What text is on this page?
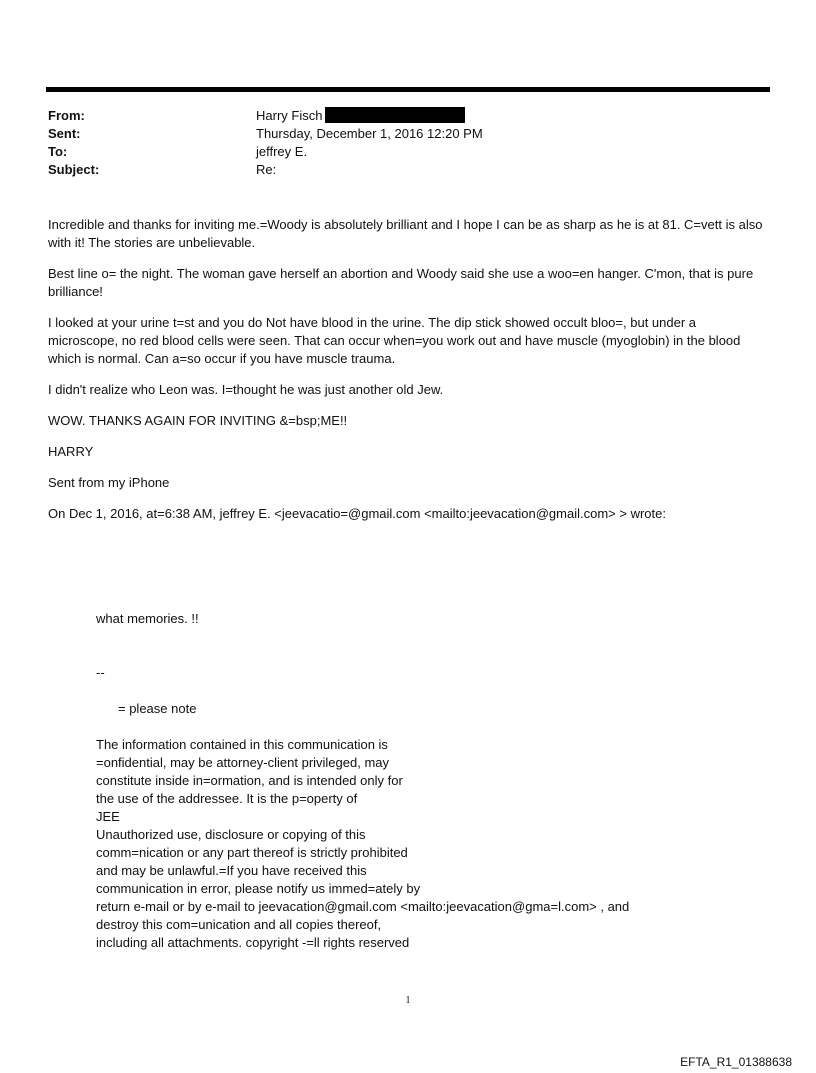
From:	Harry Fisch
Sent:	Thursday, December 1, 2016 12:20 PM
To:	jeffrey E.
Subject:	Re:

Incredible and thanks for inviting me.=Woody is absolutely brilliant and I hope I can be as sharp as he is at 81. C=vett is also with it! The stories are unbelievable.

Best line o= the night. The woman gave herself an abortion and Woody said she use a woo=en hanger. C'mon, that is pure brilliance!

I looked at your urine t=st and you do Not have blood in the urine. The dip stick showed occult bloo=, but under a microscope, no red blood cells were seen. That can occur when=you work out and have muscle (myoglobin) in the blood which is normal. Can a=so occur if you have muscle trauma.

I didn't realize who Leon was. I=thought he was just another old Jew.

WOW. THANKS AGAIN FOR INVITING &=bsp;ME!!

HARRY

Sent from my iPhone

On Dec 1, 2016, at=6:38 AM, jeffrey E. <jeevacatio=@gmail.com <mailto:jeevacation@gmail.com> > wrote:

what memories. !!
--
= please note
The information contained in this communication is
=onfidential, may be attorney-client privileged, may
constitute inside in=ormation, and is intended only for
the use of the addressee. It is the p=operty of
JEE
Unauthorized use, disclosure or copying of this
comm=nication or any part thereof is strictly prohibited
and may be unlawful.=If you have received this
communication in error, please notify us immed=ately by
return e-mail or by e-mail to jeevacation@gmail.com <mailto:jeevacation@gma=l.com> , and
destroy this com=unication and all copies thereof,
including all attachments. copyright -=ll rights reserved
1
EFTA_R1_01388638
